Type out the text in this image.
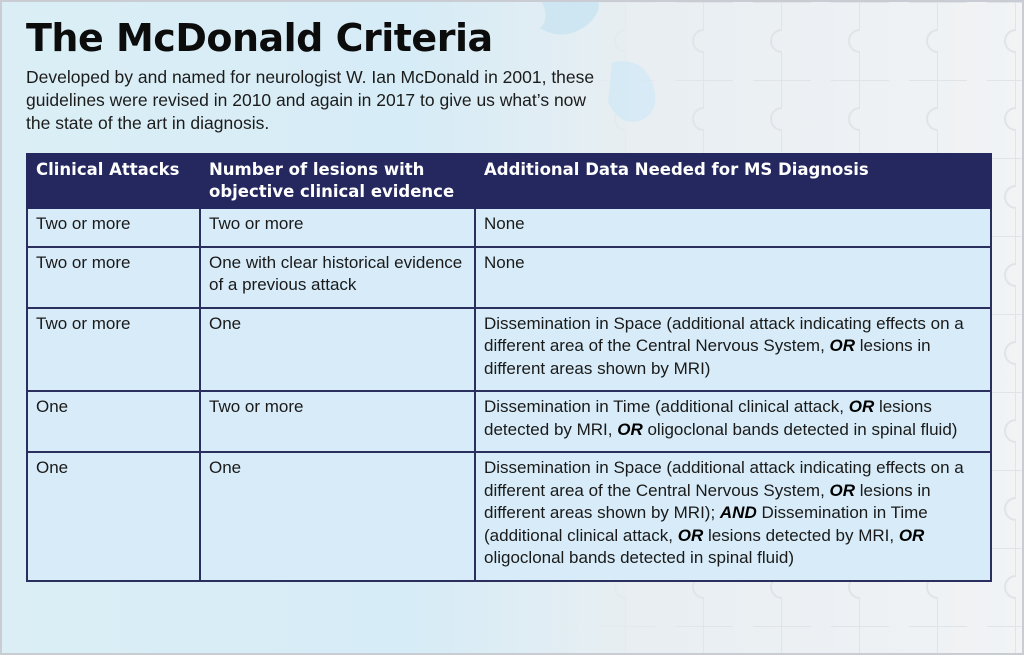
The McDonald Criteria

Developed by and named for neurologist W. Ian McDonald in 2001, these guidelines were revised in 2010 and again in 2017 to give us what’s now the state of the art in diagnosis.

Clinical Attacks	Number of lesions with objective clinical evidence	Additional Data Needed for MS Diagnosis
Two or more	Two or more	None
Two or more	One with clear historical evidence of a previous attack	None
Two or more	One	Dissemination in Space (additional attack indicating effects on a different area of the Central Nervous System, OR lesions in different areas shown by MRI)
One	Two or more	Dissemination in Time (additional clinical attack, OR lesions detected by MRI, OR oligoclonal bands detected in spinal fluid)
One	One	Dissemination in Space (additional attack indicating effects on a different area of the Central Nervous System, OR lesions in different areas shown by MRI); AND Dissemination in Time (additional clinical attack, OR lesions detected by MRI, OR oligoclonal bands detected in spinal fluid)
